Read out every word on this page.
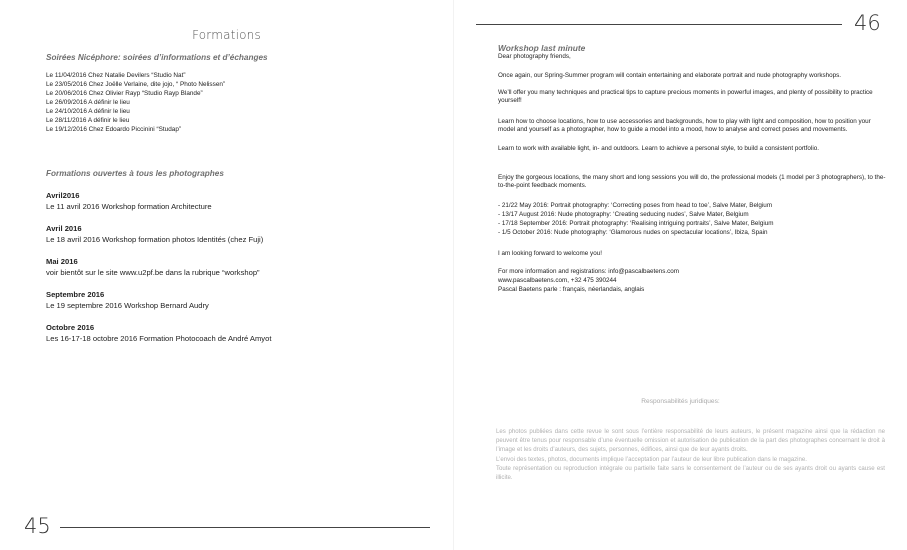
Formations
Soirées Nicéphore: soirées d’informations et d’échanges
Le 11/04/2016 Chez Natalie Devilers “Studio Nat”
Le 23/05/2016 Chez Joëlle Verlaine, dite jojo, “ Photo Nelissen”
Le 20/06/2016 Chez Olivier Rayp “Studio Rayp Blande”
Le 26/09/2016 A définir le lieu
Le 24/10/2016 A définir le lieu
Le 28/11/2016 A définir le lieu
Le 19/12/2016 Chez Edoardo Piccinini “Studap”
Formations ouvertes à tous les photographes
Avril2016
Le 11 avril 2016 Workshop formation Architecture
Avril 2016
Le 18 avril 2016 Workshop formation photos Identités (chez Fuji)
Mai 2016
voir bientôt sur le site www.u2pf.be dans la rubrique “workshop”
Septembre 2016
Le 19 septembre 2016 Workshop Bernard Audry
Octobre 2016
Les 16-17-18 octobre 2016 Formation Photocoach de André Amyot
45
46
Workshop last minute
Dear photography friends,
Once again, our Spring-Summer program will contain entertaining and elaborate portrait and nude photography workshops.
We’ll offer you many techniques and practical tips to capture precious moments in powerful images, and plenty of possibility to practice yourself!
Learn how to choose locations, how to use accessories and backgrounds, how to play with light and composition, how to position your model and yourself as a photographer, how to guide a model into a mood, how to analyse and correct poses and movements.
Learn to work with available light, in- and outdoors. Learn to achieve a personal style, to build a consistent portfolio.
Enjoy the gorgeous locations, the many short and long sessions you will do, the professional models (1 model per 3 photographers), to the-to-the-point feedback moments.
- 21/22 May 2016: Portrait photography: ‘Correcting poses from head to toe’, Salve Mater, Belgium
- 13/17 August 2016: Nude photography: ‘Creating seducing nudes’, Salve Mater, Belgium
- 17/18 September 2016: Portrait photography: ‘Realising intriguing portraits’, Salve Mater, Belgium
- 1/5 October 2016: Nude photography: ‘Glamorous nudes on spectacular locations’, Ibiza, Spain
I am looking forward to welcome you!
For more information and registrations: info@pascalbaetens.com
www.pascalbaetens.com, +32 475 390244
Pascal Baetens parle : français, néerlandais, anglais
Responsabilités juridiques:

Les photos publiées dans cette revue le sont sous l’entière responsabilité de leurs auteurs, le présent magazine ainsi que la rédaction ne peuvent être tenus pour responsable d’une éventuelle omission et autorisation de publication de la part des photographes concernant le droit à l’image et les droits d’auteurs, des sujets, personnes, édifices, ainsi que de leur ayants droits.

L’envoi des textes, photos, documents implique l’acceptation par l’auteur de leur libre publication dans le magazine.

Toute représentation ou reproduction intégrale ou partielle faite sans le consentement de l’auteur ou de ses ayants droit ou ayants cause est illicite.
